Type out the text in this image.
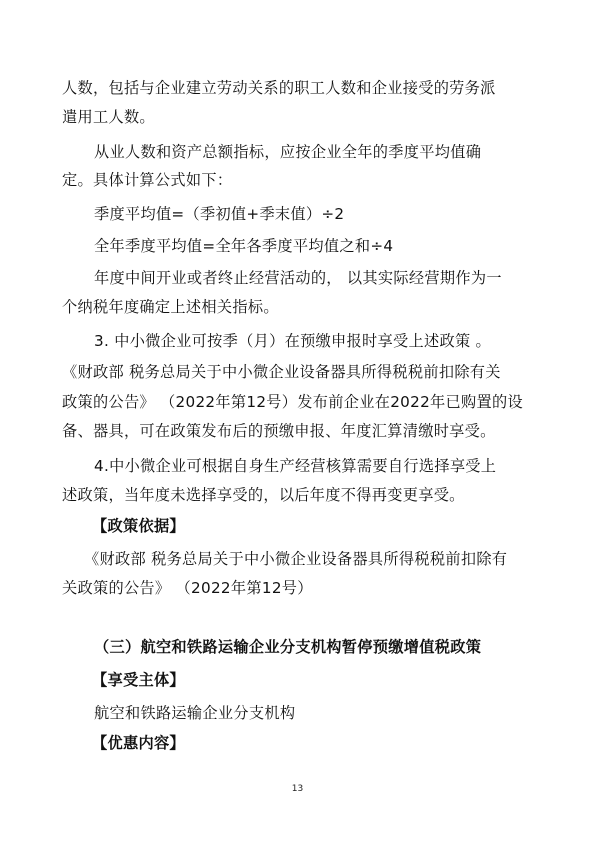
人数，包括与企业建立劳动关系的职工人数和企业接受的劳务派
遣用工人数。
从业人数和资产总额指标，应按企业全年的季度平均值确
定。具体计算公式如下：
季度平均值=（季初值+季末值）÷2
全年季度平均值=全年各季度平均值之和÷4
年度中间开业或者终止经营活动的， 以其实际经营期作为一
个纳税年度确定上述相关指标。
3. 中小微企业可按季（月）在预缴申报时享受上述政策 。
《财政部 税务总局关于中小微企业设备器具所得税税前扣除有关
政策的公告》 （2022年第12号）发布前企业在2022年已购置的设
备、器具，可在政策发布后的预缴申报、年度汇算清缴时享受。
4.中小微企业可根据自身生产经营核算需要自行选择享受上
述政策，当年度未选择享受的，以后年度不得再变更享受。
【政策依据】
《财政部 税务总局关于中小微企业设备器具所得税税前扣除有
关政策的公告》 （2022年第12号）
（三）航空和铁路运输企业分支机构暂停预缴增值税政策
【享受主体】
航空和铁路运输企业分支机构
【优惠内容】
13
